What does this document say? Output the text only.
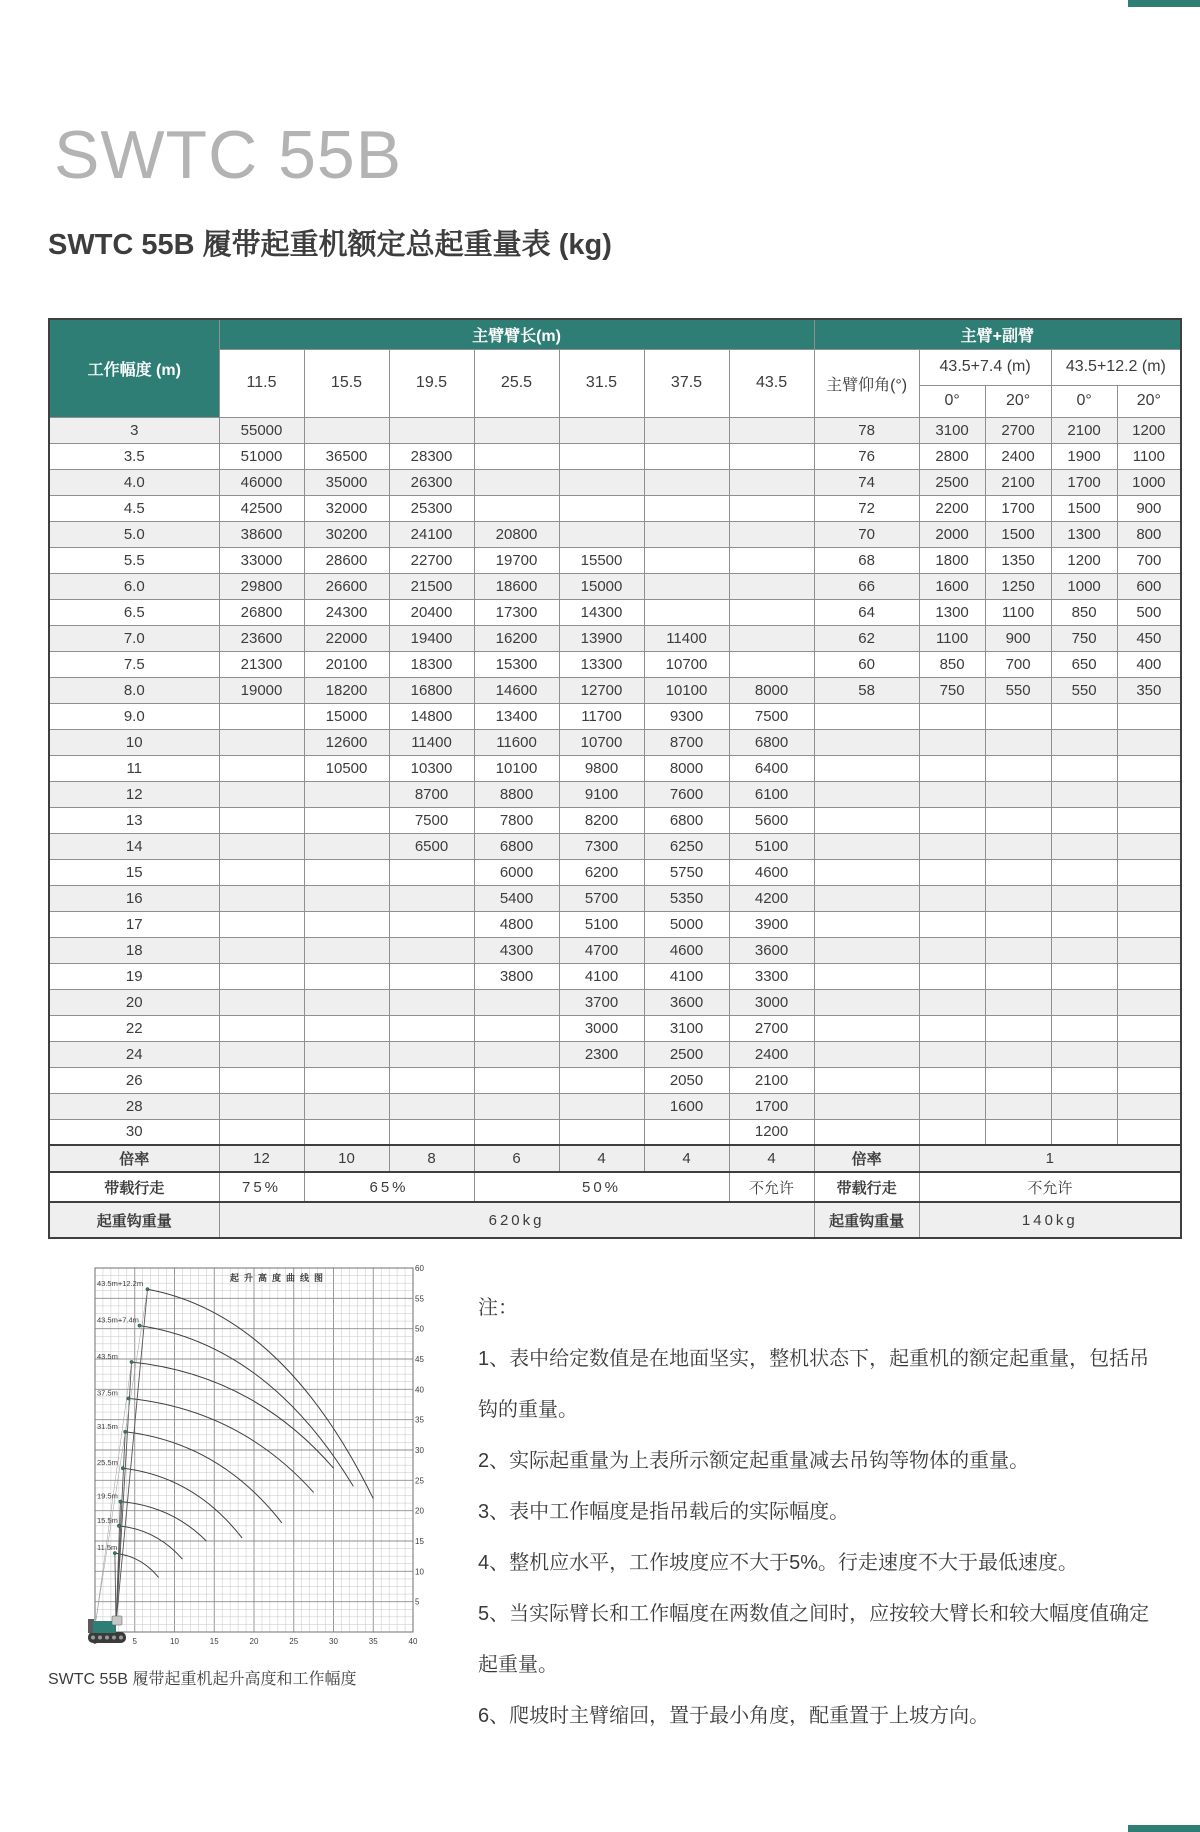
SWTC 55B
SWTC 55B 履带起重机额定总起重量表 (kg)
工作幅度 (m)	主臂臂长(m)							主臂+副臂				
	11.5	15.5	19.5	25.5	31.5	37.5	43.5	主臂仰角(°)	43.5+7.4 (m)		43.5+12.2 (m)	
									0°	20°	0°	20°
3	55000							78	3100	2700	2100	1200
3.5	51000	36500	28300					76	2800	2400	1900	1100
4.0	46000	35000	26300					74	2500	2100	1700	1000
4.5	42500	32000	25300					72	2200	1700	1500	900
5.0	38600	30200	24100	20800				70	2000	1500	1300	800
5.5	33000	28600	22700	19700	15500			68	1800	1350	1200	700
6.0	29800	26600	21500	18600	15000			66	1600	1250	1000	600
6.5	26800	24300	20400	17300	14300			64	1300	1100	850	500
7.0	23600	22000	19400	16200	13900	11400		62	1100	900	750	450
7.5	21300	20100	18300	15300	13300	10700		60	850	700	650	400
8.0	19000	18200	16800	14600	12700	10100	8000	58	750	550	550	350
9.0		15000	14800	13400	11700	9300	7500					
10		12600	11400	11600	10700	8700	6800					
11		10500	10300	10100	9800	8000	6400					
12			8700	8800	9100	7600	6100					
13			7500	7800	8200	6800	5600					
14			6500	6800	7300	6250	5100					
15				6000	6200	5750	4600					
16				5400	5700	5350	4200					
17				4800	5100	5000	3900					
18				4300	4700	4600	3600					
19				3800	4100	4100	3300					
20					3700	3600	3000					
22					3000	3100	2700					
24					2300	2500	2400					
26						2050	2100					
28						1600	1700					
30							1200					
倍率	12	10	8	6	4	4	4	倍率	1			
带载行走	75%	65%		50%			不允许	带载行走	不允许			
起重钩重量	620kg							起重钩重量	140kg			
5	10	15	20	25	30	35	40
5
10
15
20
25
30
35
40
45
50
55
60
起升高度曲线图
11.5m
15.5m
19.5m
25.5m
31.5m
37.5m
43.5m
43.5m+7.4m
43.5m+12.2m
SWTC 55B 履带起重机起升高度和工作幅度

注：

1、表中给定数值是在地面坚实，整机状态下，起重机的额定起重量，包括吊钩的重量。

2、实际起重量为上表所示额定起重量减去吊钩等物体的重量。

3、表中工作幅度是指吊载后的实际幅度。

4、整机应水平，工作坡度应不大于5%。行走速度不大于最低速度。

5、当实际臂长和工作幅度在两数值之间时，应按较大臂长和较大幅度值确定起重量。

6、爬坡时主臂缩回，置于最小角度，配重置于上坡方向。
